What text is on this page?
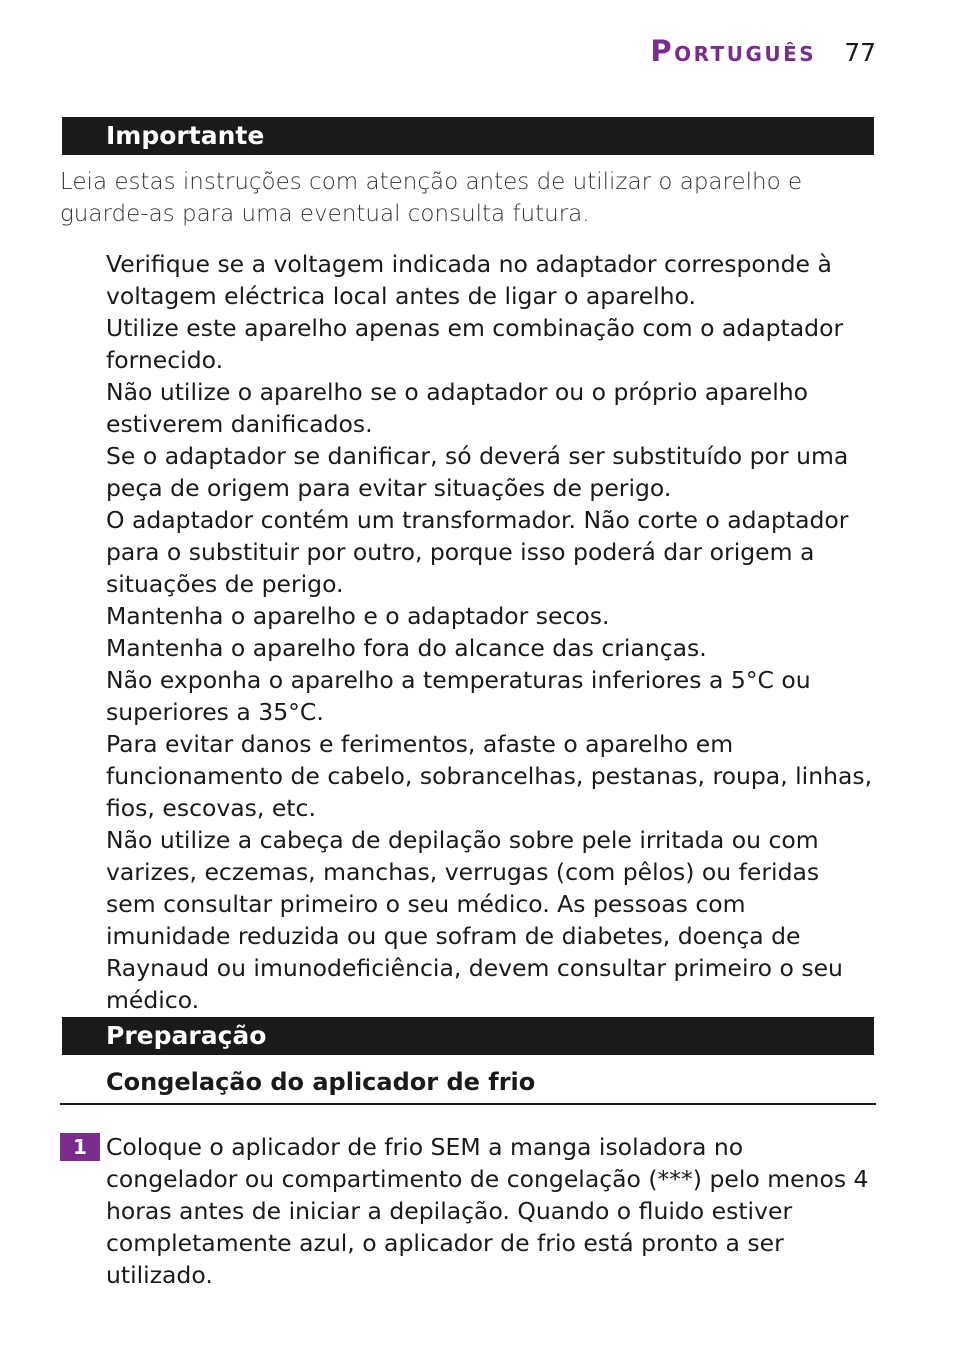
Português 77
Importante
Leia estas instruções com atenção antes de utilizar o aparelho e guarde-as para uma eventual consulta futura.
Verifique se a voltagem indicada no adaptador corresponde à voltagem eléctrica local antes de ligar o aparelho.
Utilize este aparelho apenas em combinação com o adaptador fornecido.
Não utilize o aparelho se o adaptador ou o próprio aparelho estiverem danificados.
Se o adaptador se danificar, só deverá ser substituído por uma peça de origem para evitar situações de perigo.
O adaptador contém um transformador. Não corte o adaptador para o substituir por outro, porque isso poderá dar origem a situações de perigo.
Mantenha o aparelho e o adaptador secos.
Mantenha o aparelho fora do alcance das crianças.
Não exponha o aparelho a temperaturas inferiores a 5°C ou superiores a 35°C.
Para evitar danos e ferimentos, afaste o aparelho em funcionamento de cabelo, sobrancelhas, pestanas, roupa, linhas, fios, escovas, etc.
Não utilize a cabeça de depilação sobre pele irritada ou com varizes, eczemas, manchas, verrugas (com pêlos) ou feridas sem consultar primeiro o seu médico. As pessoas com imunidade reduzida ou que sofram de diabetes, doença de Raynaud ou imunodeficiência, devem consultar primeiro o seu médico.
Preparação
Congelação do aplicador de frio
1 Coloque o aplicador de frio SEM a manga isoladora no congelador ou compartimento de congelação (***) pelo menos 4 horas antes de iniciar a depilação. Quando o fluido estiver completamente azul, o aplicador de frio está pronto a ser utilizado.
